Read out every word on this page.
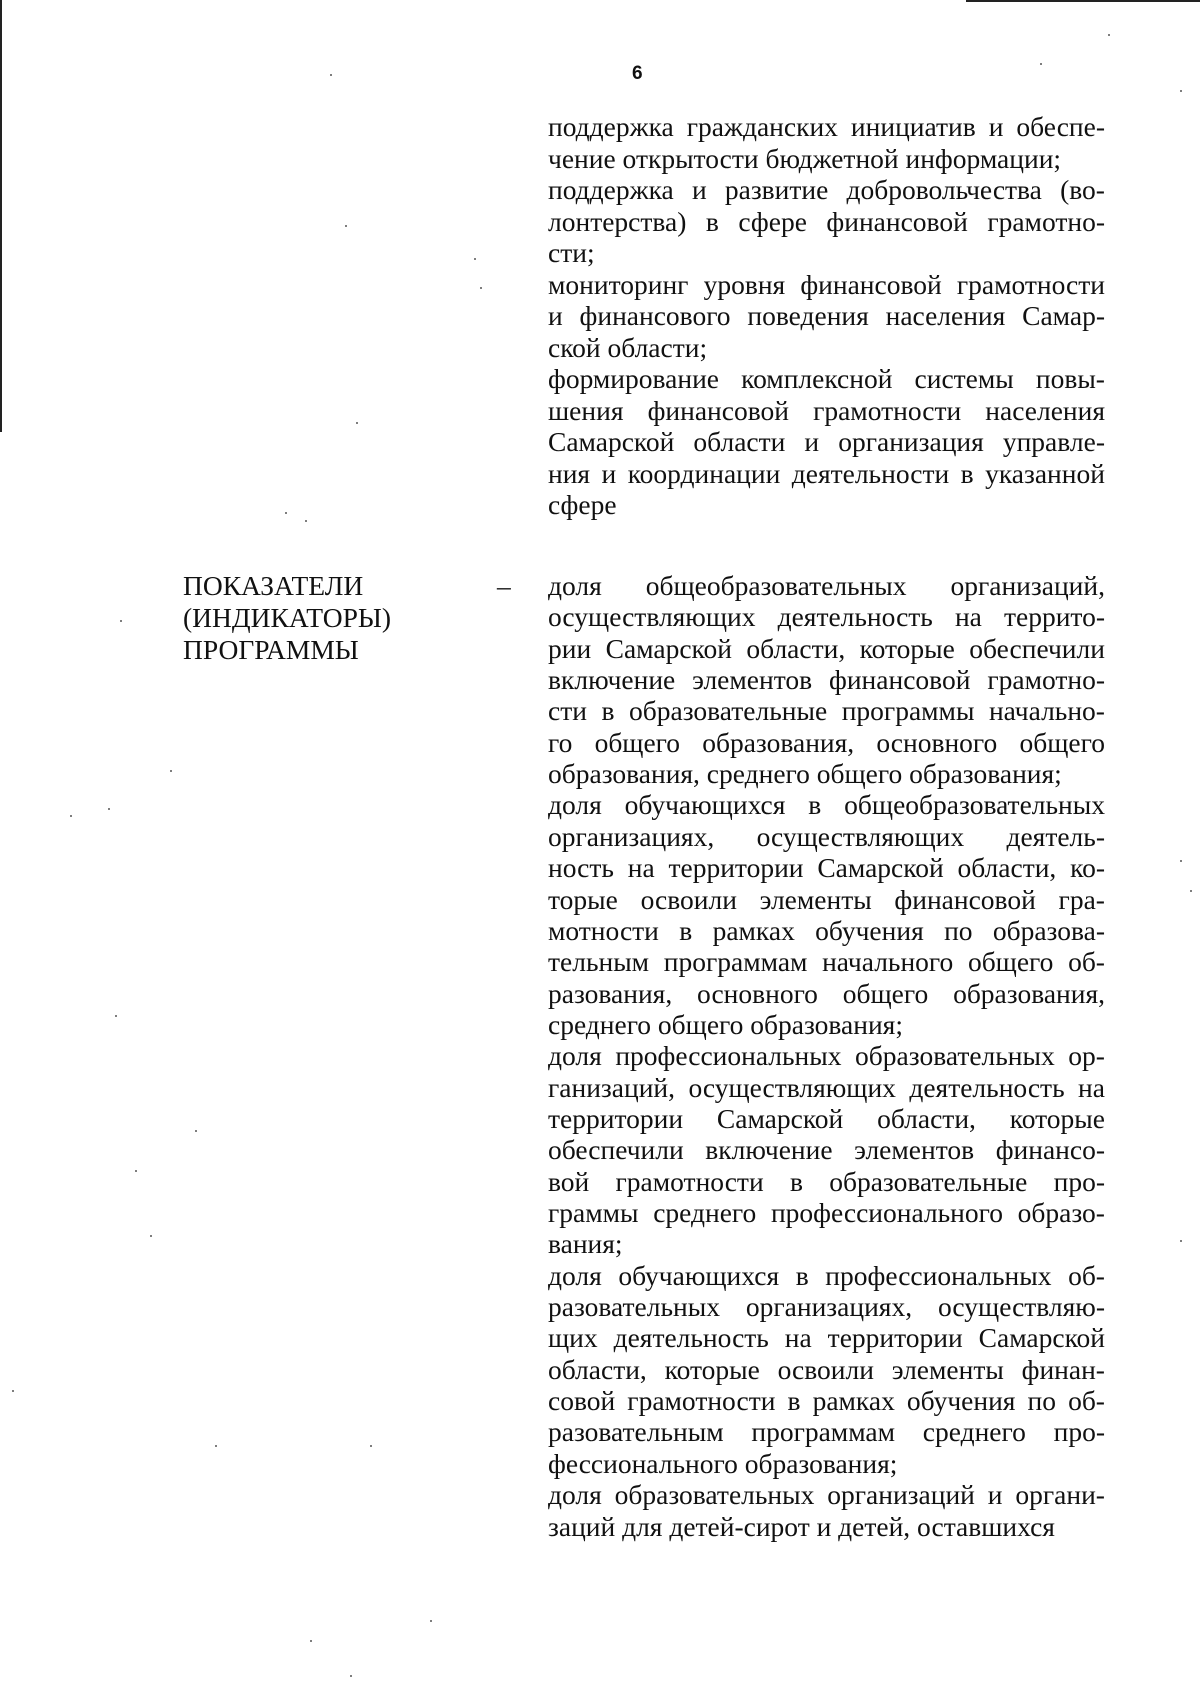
6
поддержка гражданских инициатив и обеспе-
чение открытости бюджетной информации;
поддержка и развитие добровольчества (во-
лонтерства) в сфере финансовой грамотно-
сти;
мониторинг уровня финансовой грамотности
и финансового поведения населения Самар-
ской области;
формирование комплексной системы повы-
шения финансовой грамотности населения
Самарской области и организация управле-
ния и координации деятельности в указанной
сфере
ПОКАЗАТЕЛИ
(ИНДИКАТОРЫ)
ПРОГРАММЫ
– доля общеобразовательных организаций,
осуществляющих деятельность на террито-
рии Самарской области, которые обеспечили
включение элементов финансовой грамотно-
сти в образовательные программы начально-
го общего образования, основного общего
образования, среднего общего образования;
доля обучающихся в общеобразовательных
организациях, осуществляющих деятель-
ность на территории Самарской области, ко-
торые освоили элементы финансовой гра-
мотности в рамках обучения по образова-
тельным программам начального общего об-
разования, основного общего образования,
среднего общего образования;
доля профессиональных образовательных ор-
ганизаций, осуществляющих деятельность на
территории Самарской области, которые
обеспечили включение элементов финансо-
вой грамотности в образовательные про-
граммы среднего профессионального образо-
вания;
доля обучающихся в профессиональных об-
разовательных организациях, осуществляю-
щих деятельность на территории Самарской
области, которые освоили элементы финан-
совой грамотности в рамках обучения по об-
разовательным программам среднего про-
фессионального образования;
доля образовательных организаций и органи-
заций для детей-сирот и детей, оставшихся
